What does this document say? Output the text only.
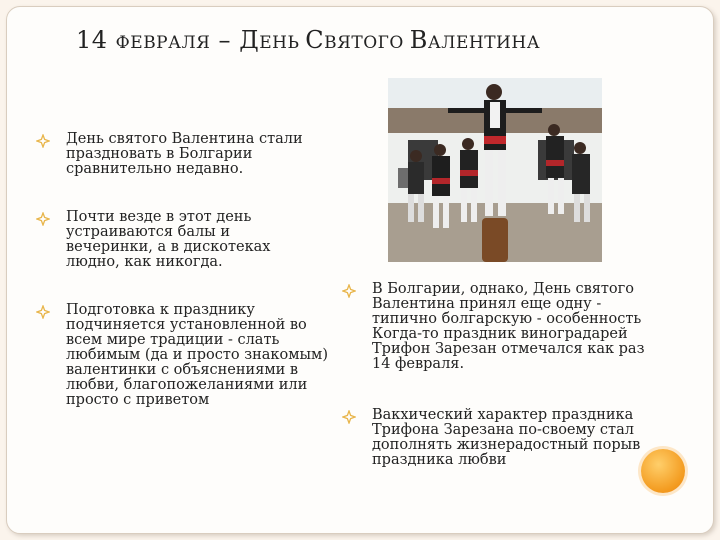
14 ФЕВРАЛЯ – ДЕНЬ СВЯТОГО ВАЛЕНТИНА
День святого Валентина стали праздновать в Болгарии сравнительно недавно.
Почти везде в этот день устраиваются балы и вечеринки, а в дискотеках людно, как никогда.
Подготовка к празднику подчиняется установленной во всем мире традиции - слать любимым (да и просто знакомым) валентинки с объяснениями в любви, благопожеланиями или просто с приветом
В Болгарии, однако, День святого Валентина принял еще одну - типично болгарскую - особенность Когда-то праздник виноградарей Трифон Зарезан отмечался как раз 14 февраля.
Вакхический характер праздника Трифона Зарезана по-своему стал дополнять жизнерадостный порыв праздника любви
